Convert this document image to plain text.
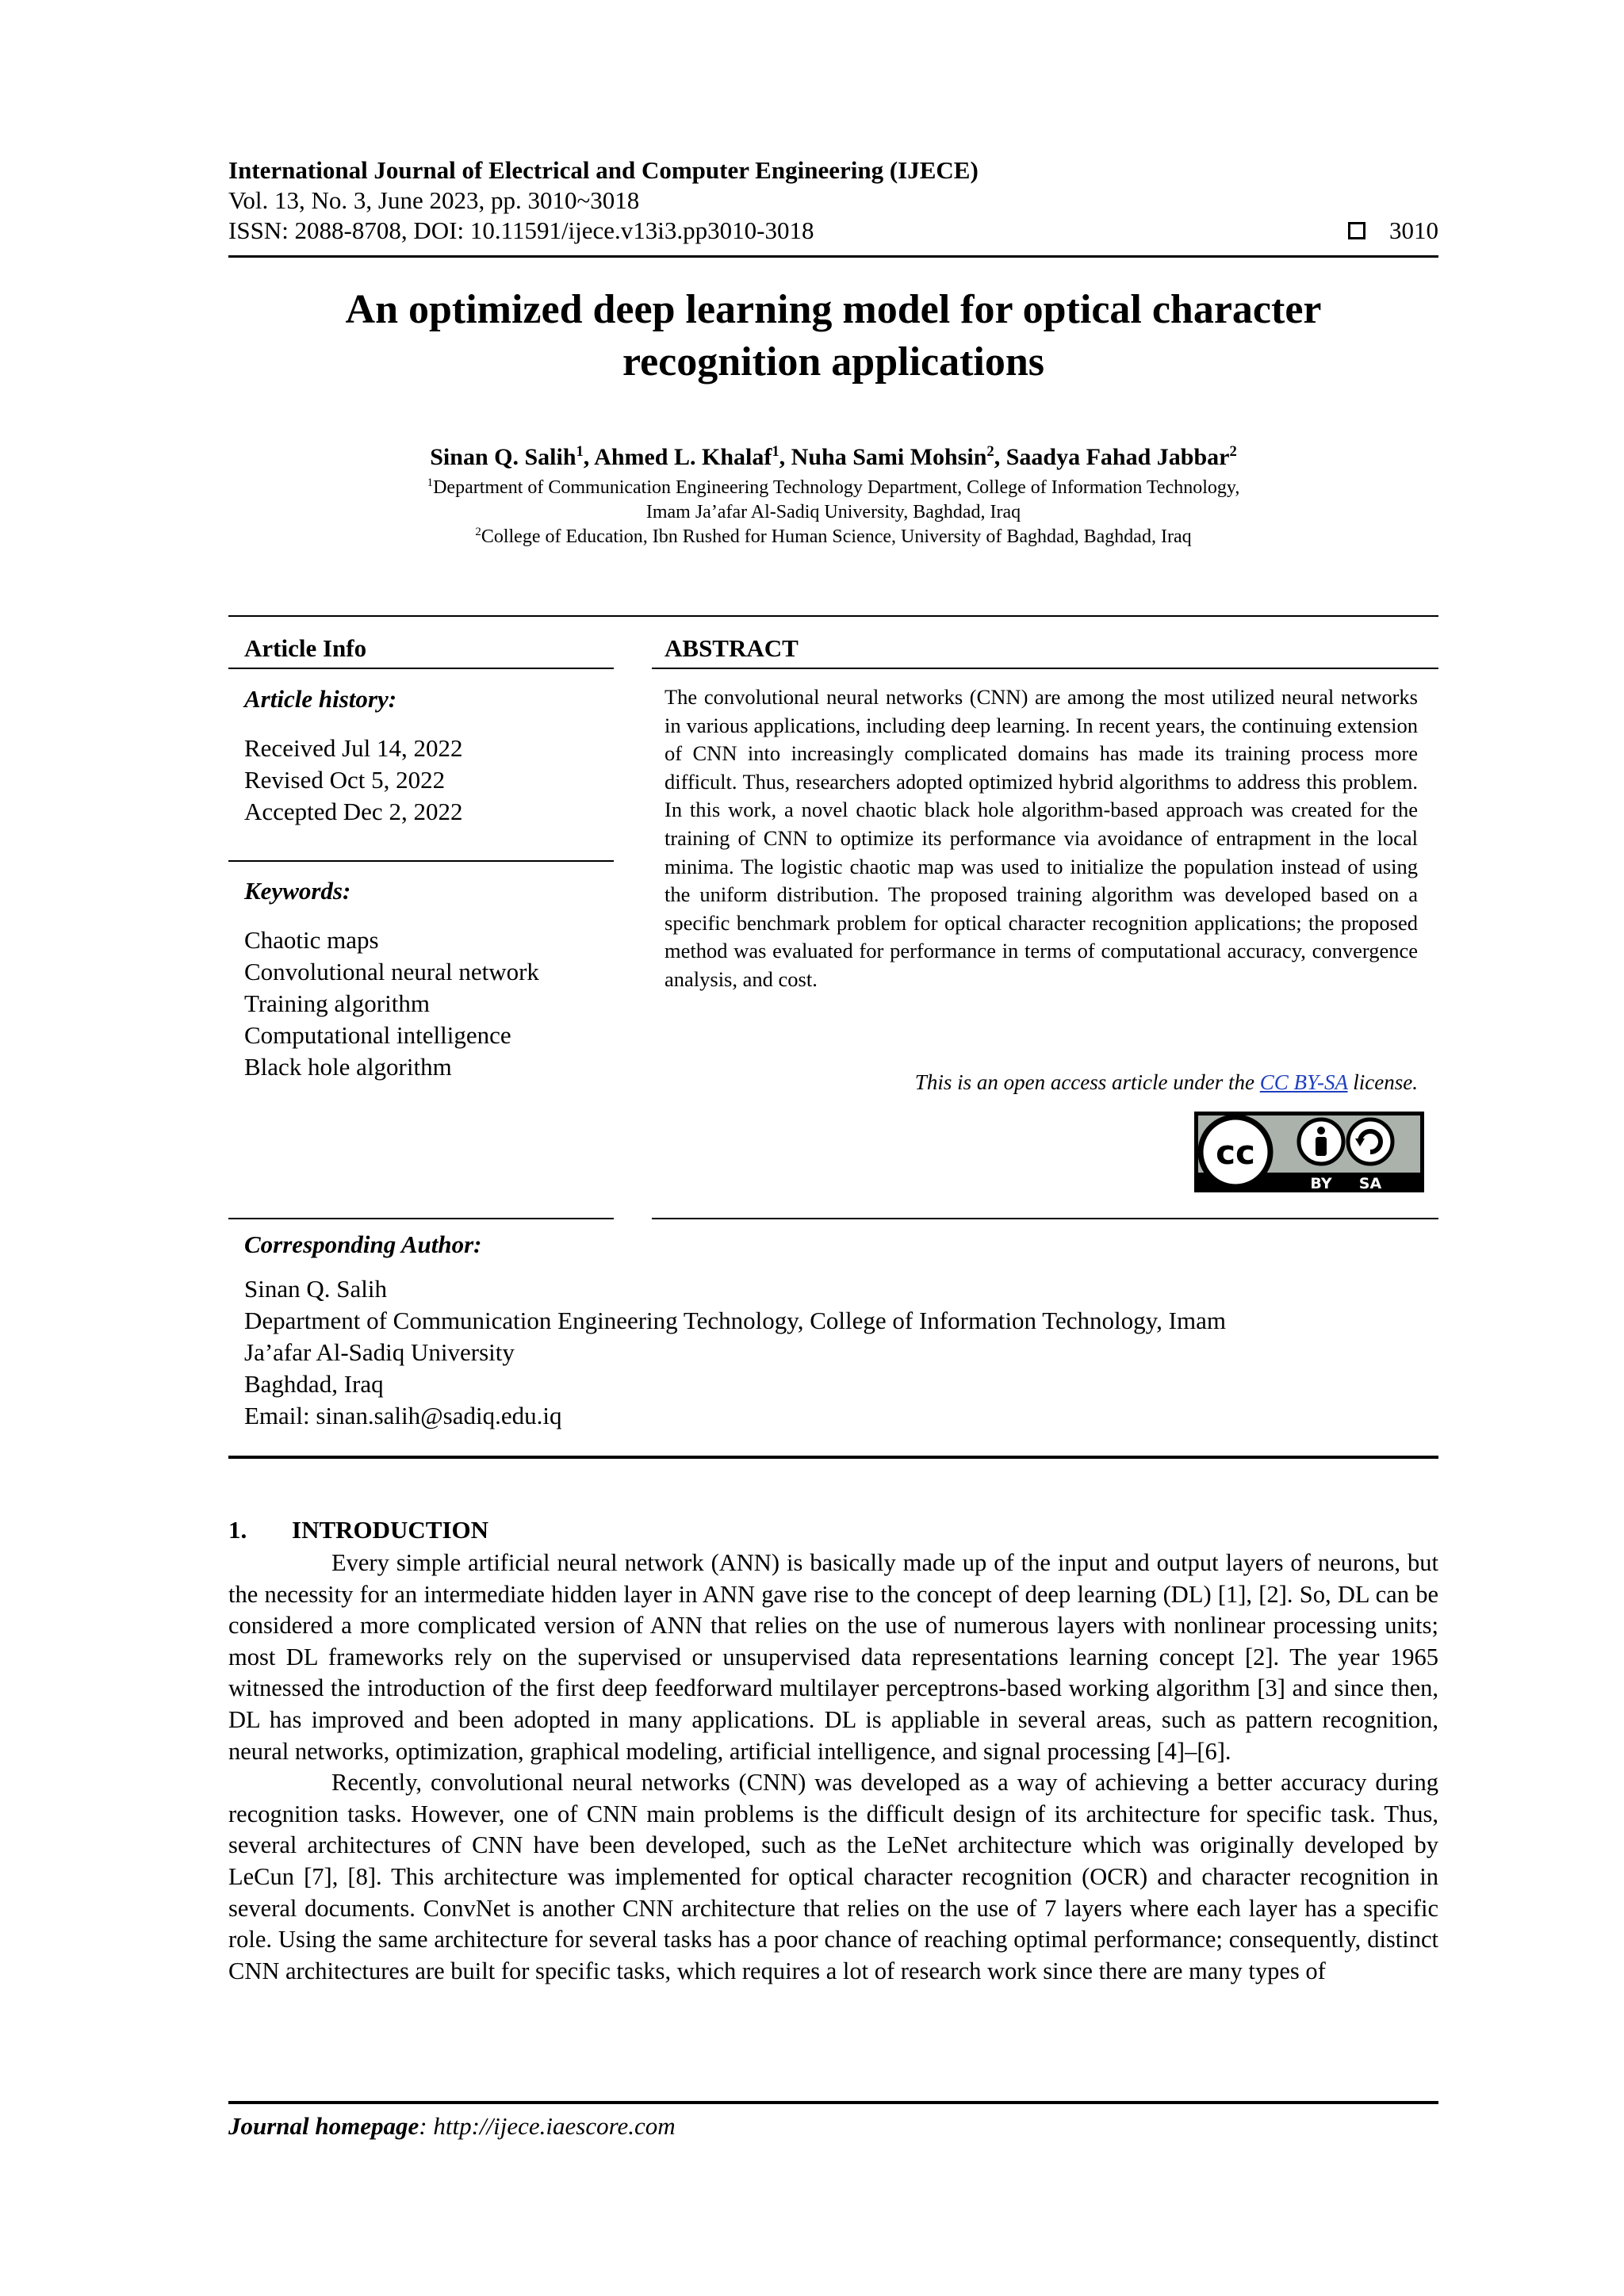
International Journal of Electrical and Computer Engineering (IJECE)
Vol. 13, No. 3, June 2023, pp. 3010~3018
ISSN: 2088-8708, DOI: 10.11591/ijece.v13i3.pp3010-3018	3010
An optimized deep learning model for optical character
recognition applications
Sinan Q. Salih$^1$, Ahmed L. Khalaf$^1$, Nuha Sami Mohsin$^2$, Saadya Fahad Jabbar$^2$
$^1$Department of Communication Engineering Technology Department, College of Information Technology,
Imam Ja’afar Al-Sadiq University, Baghdad, Iraq
$^2$College of Education, Ibn Rushed for Human Science, University of Baghdad, Baghdad, Iraq
Article Info
Article history:
Received Jul 14, 2022
Revised Oct 5, 2022
Accepted Dec 2, 2022
Keywords:
Chaotic maps
Convolutional neural network
Training algorithm
Computational intelligence
Black hole algorithm
ABSTRACT
The convolutional neural networks (CNN) are among the most utilized neural networks in various applications, including deep learning. In recent years, the continuing extension of CNN into increasingly complicated domains has made its training process more difficult. Thus, researchers adopted optimized hybrid algorithms to address this problem. In this work, a novel chaotic black hole algorithm-based approach was created for the training of CNN to optimize its performance via avoidance of entrapment in the local minima. The logistic chaotic map was used to initialize the population instead of using the uniform distribution. The proposed training algorithm was developed based on a specific benchmark problem for optical character recognition applications; the proposed method was evaluated for performance in terms of computational accuracy, convergence analysis, and cost.
This is an open access article under the CC BY-SA license.
cc
BY SA
Corresponding Author:
Sinan Q. Salih
Department of Communication Engineering Technology, College of Information Technology, Imam
Ja’afar Al-Sadiq University
Baghdad, Iraq
Email: sinan.salih@sadiq.edu.iq
1. INTRODUCTION

Every simple artificial neural network (ANN) is basically made up of the input and output layers of neurons, but the necessity for an intermediate hidden layer in ANN gave rise to the concept of deep learning (DL) [1], [2]. So, DL can be considered a more complicated version of ANN that relies on the use of numerous layers with nonlinear processing units; most DL frameworks rely on the supervised or unsupervised data representations learning concept [2]. The year 1965 witnessed the introduction of the first deep feedforward multilayer perceptrons-based working algorithm [3] and since then, DL has improved and been adopted in many applications. DL is appliable in several areas, such as pattern recognition, neural networks, optimization, graphical modeling, artificial intelligence, and signal processing [4]–[6].

Recently, convolutional neural networks (CNN) was developed as a way of achieving a better accuracy during recognition tasks. However, one of CNN main problems is the difficult design of its architecture for specific task. Thus, several architectures of CNN have been developed, such as the LeNet architecture which was originally developed by LeCun [7], [8]. This architecture was implemented for optical character recognition (OCR) and character recognition in several documents. ConvNet is another CNN architecture that relies on the use of 7 layers where each layer has a specific role. Using the same architecture for several tasks has a poor chance of reaching optimal performance; consequently, distinct CNN architectures are built for specific tasks, which requires a lot of research work since there are many types of

Journal homepage: http://ijece.iaescore.com
